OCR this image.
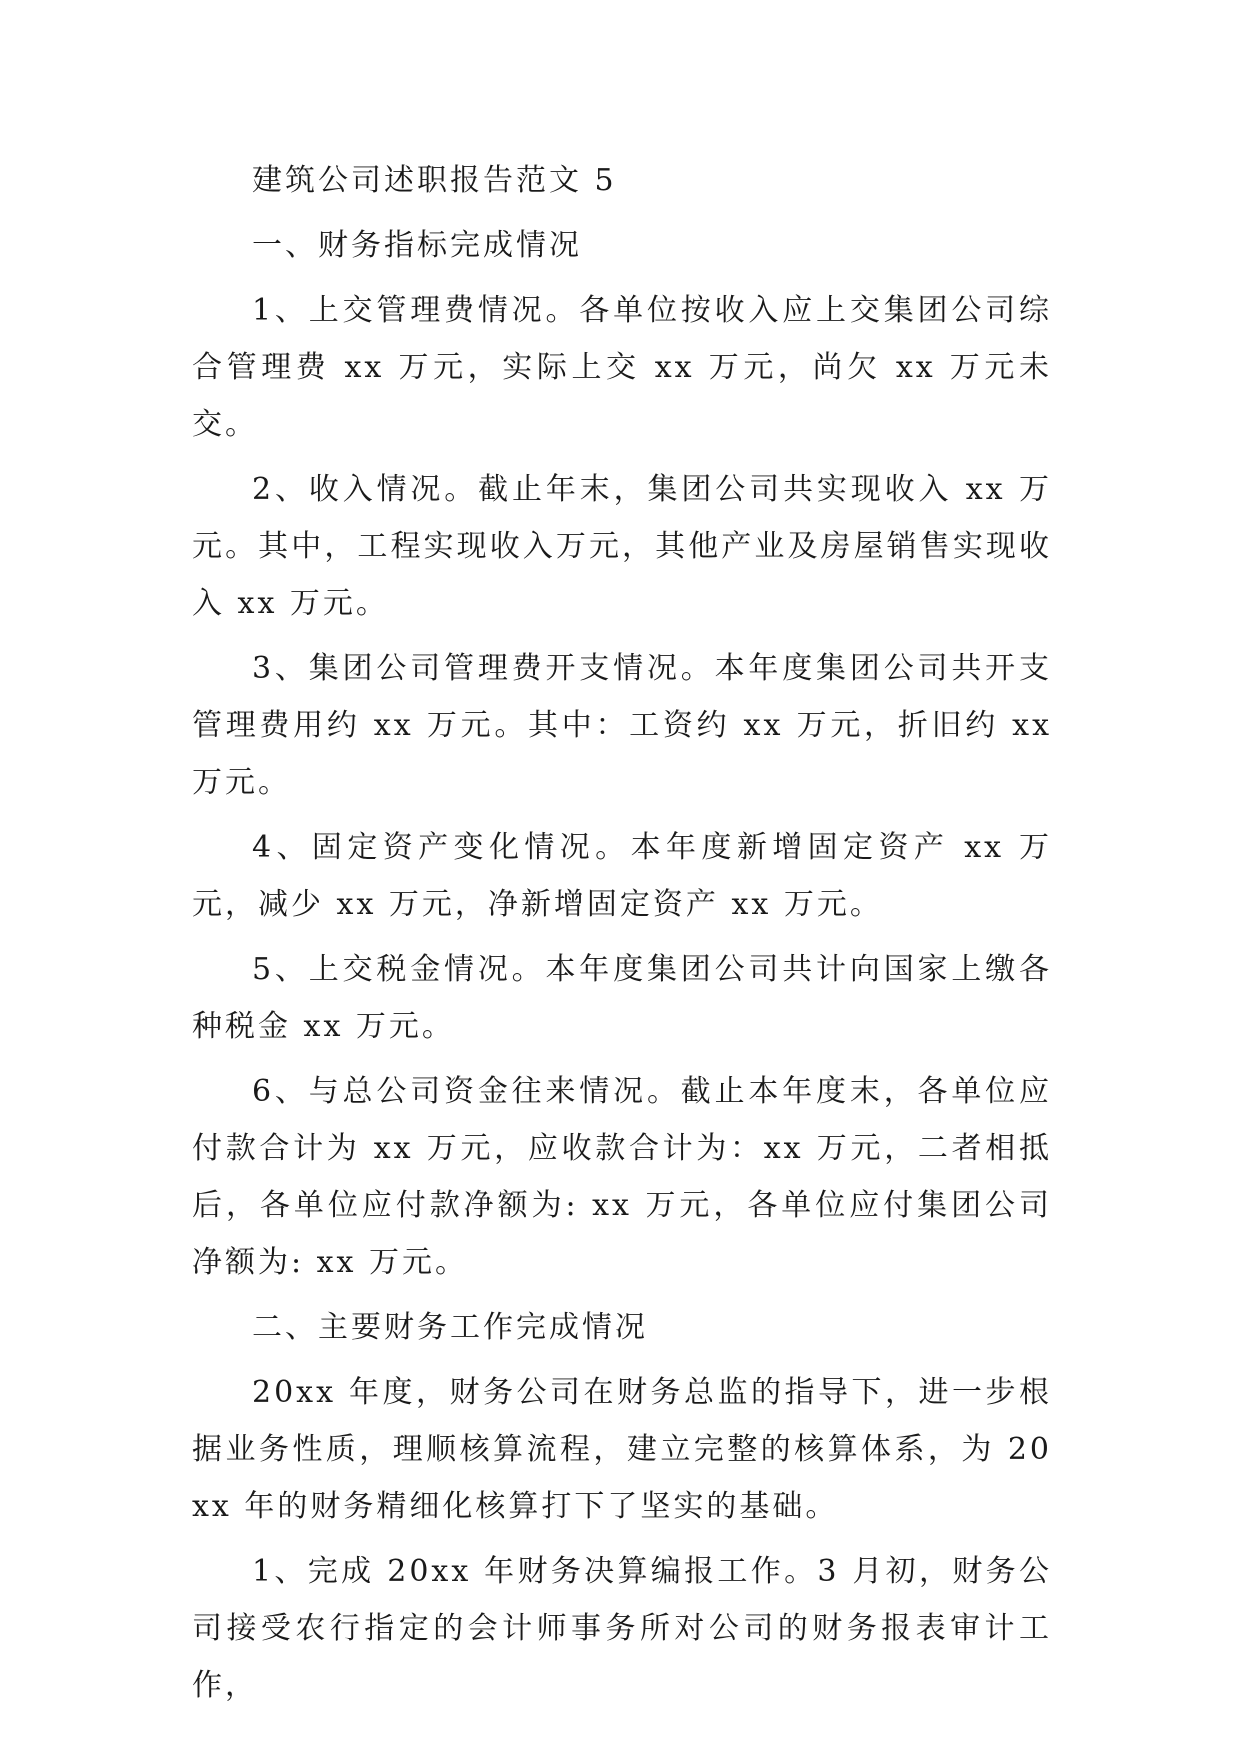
建筑公司述职报告范文 5

一、财务指标完成情况

1、上交管理费情况。各单位按收入应上交集团公司综合管理费 xx 万元，实际上交 xx 万元，尚欠 xx 万元未交。

2、收入情况。截止年末，集团公司共实现收入 xx 万元。其中，工程实现收入万元，其他产业及房屋销售实现收入 xx 万元。

3、集团公司管理费开支情况。本年度集团公司共开支管理费用约 xx 万元。其中：工资约 xx 万元，折旧约 xx 万元。

4、固定资产变化情况。本年度新增固定资产 xx 万元，减少 xx 万元，净新增固定资产 xx 万元。

5、上交税金情况。本年度集团公司共计向国家上缴各种税金 xx 万元。

6、与总公司资金往来情况。截止本年度末，各单位应付款合计为 xx 万元，应收款合计为：xx 万元，二者相抵后，各单位应付款净额为: xx 万元，各单位应付集团公司净额为: xx 万元。

二、主要财务工作完成情况

20xx 年度，财务公司在财务总监的指导下，进一步根据业务性质，理顺核算流程，建立完整的核算体系，为 20xx 年的财务精细化核算打下了坚实的基础。

1、完成 20xx 年财务决算编报工作。3 月初，财务公司接受农行指定的会计师事务所对公司的财务报表审计工作，
